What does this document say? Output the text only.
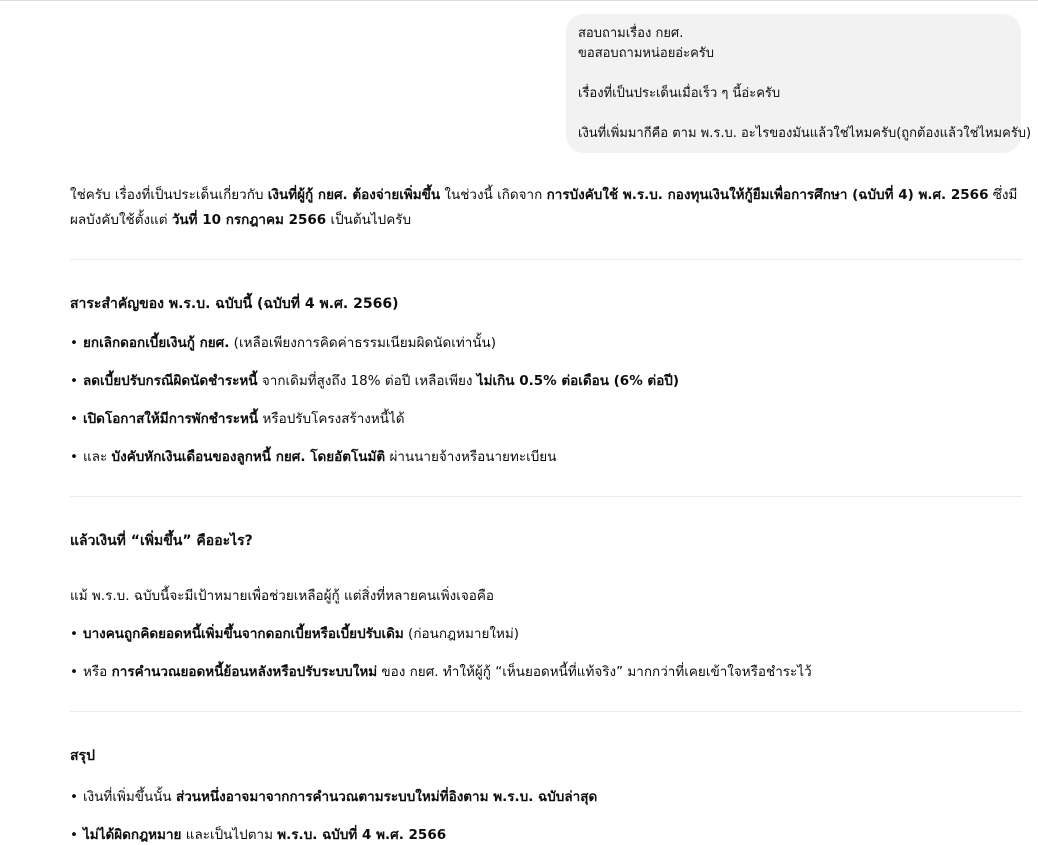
สอบถามเรื่อง กยศ.

ขอสอบถามหน่อยอ่ะครับ

เรื่องที่เป็นประเด็นเมื่อเร็ว ๆ นี้อ่ะครับ

เงินที่เพิ่มมากีคือ ตาม พ.ร.บ. อะไรของมันแล้วใช่ไหมครับ(ถูกต้องแล้วใช่ไหมครับ)

ใช่ครับ เรื่องที่เป็นประเด็นเกี่ยวกับ เงินที่ผู้กู้ กยศ. ต้องจ่ายเพิ่มขึ้น ในช่วงนี้ เกิดจาก การบังคับใช้ พ.ร.บ. กองทุนเงินให้กู้ยืมเพื่อการศึกษา (ฉบับที่ 4) พ.ศ. 2566 ซึ่งมีผลบังคับใช้ตั้งแต่ วันที่ 10 กรกฎาคม 2566 เป็นต้นไปครับ

สาระสำคัญของ พ.ร.บ. ฉบับนี้ (ฉบับที่ 4 พ.ศ. 2566)
• ยกเลิกดอกเบี้ยเงินกู้ กยศ. (เหลือเพียงการคิดค่าธรรมเนียมผิดนัดเท่านั้น)
• ลดเบี้ยปรับกรณีผิดนัดชำระหนี้ จากเดิมที่สูงถึง 18% ต่อปี เหลือเพียง ไม่เกิน 0.5% ต่อเดือน (6% ต่อปี)
• เปิดโอกาสให้มีการพักชำระหนี้ หรือปรับโครงสร้างหนี้ได้
• และ บังคับหักเงินเดือนของลูกหนี้ กยศ. โดยอัตโนมัติ ผ่านนายจ้างหรือนายทะเบียน
แล้วเงินที่ “เพิ่มขึ้น” คืออะไร?

แม้ พ.ร.บ. ฉบับนี้จะมีเป้าหมายเพื่อช่วยเหลือผู้กู้ แต่สิ่งที่หลายคนเพิ่งเจอคือ

• บางคนถูกคิดยอดหนี้เพิ่มขึ้นจากดอกเบี้ยหรือเบี้ยปรับเดิม (ก่อนกฎหมายใหม่)
• หรือ การคำนวณยอดหนี้ย้อนหลังหรือปรับระบบใหม่ ของ กยศ. ทำให้ผู้กู้ “เห็นยอดหนี้ที่แท้จริง” มากกว่าที่เคยเข้าใจหรือชำระไว้
สรุป
• เงินที่เพิ่มขึ้นนั้น ส่วนหนึ่งอาจมาจากการคำนวณตามระบบใหม่ที่อิงตาม พ.ร.บ. ฉบับล่าสุด
• ไม่ได้ผิดกฎหมาย และเป็นไปตาม พ.ร.บ. ฉบับที่ 4 พ.ศ. 2566
